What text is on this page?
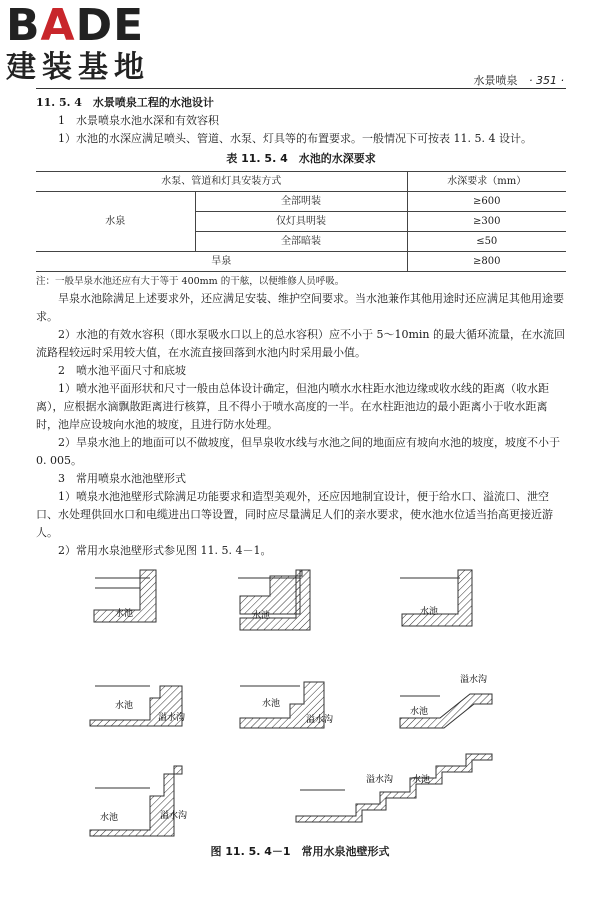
BADE
建装基地	水景喷泉 · 351 ·

11. 5. 4　水景喷泉工程的水池设计

1　水景喷泉水池水深和有效容积

1）水池的水深应满足喷头、管道、水泵、灯具等的布置要求。一般情况下可按表 11. 5. 4 设计。

表 11. 5. 4　水池的水深要求
水泵、管道和灯具安装方式		水深要求（mm）
水泉	全部明装	≥600
	仅灯具明装	≥300
	全部暗装	≤50
旱泉		≥800

注：一般旱泉水池还应有大于等于 400mm 的干舷，以便维修人员呼吸。

旱泉水池除满足上述要求外，还应满足安装、维护空间要求。当水池兼作其他用途时还应满足其他用途要求。

2）水池的有效水容积（即水泵吸水口以上的总水容积）应不小于 5～10min 的最大循环流量，在水流回流路程较远时采用较大值，在水流直接回落到水池内时采用最小值。

2　喷水池平面尺寸和底坡

1）喷水池平面形状和尺寸一般由总体设计确定，但池内喷水水柱距水池边缘或收水线的距离（收水距离），应根据水滴飘散距离进行核算，且不得小于喷水高度的一半。在水柱距池边的最小距离小于收水距离时，池岸应设坡向水池的坡度，且进行防水处理。

2）旱泉水池上的地面可以不做坡度，但旱泉收水线与水池之间的地面应有坡向水池的坡度，坡度不小于 0. 005。

3　常用喷泉水池池壁形式

1）喷泉水池池壁形式除满足功能要求和造型美观外，还应因地制宜设计，便于给水口、溢流口、泄空口、水处理供回水口和电缆进出口等设置，同时应尽量满足人们的亲水要求，使水池水位适当抬高更接近游人。

2）常用水泉池壁形式参见图 11. 5. 4－1。

水池	水池	水池
水池
溢水沟
水池
溢水沟
水池
溢水沟
水池	溢水沟
溢水沟 水池
图 11. 5. 4－1　常用水泉池壁形式
